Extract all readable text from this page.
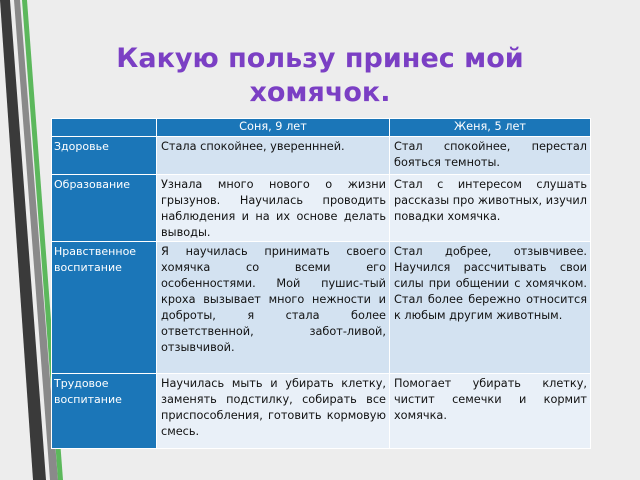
Какую пользу принес мой хомячок.
	Соня, 9 лет	Женя, 5 лет
Здоровье	Стала спокойнее, увереннней.	Стал спокойнее, перестал бояться темноты.
Образование	Узнала много нового о жизни грызунов. Научилась проводить наблюдения и на их основе делать выводы.	Стал с интересом слушать рассказы про животных, изучил повадки хомячка.
Нравственное воспитание	Я научилась принимать своего хомячка со всеми его особенностями. Мой пушис-тый кроха вызывает много нежности и доброты, я стала более ответственной, забот-ливой, отзывчивой.	Стал добрее, отзывчивее. Научился рассчитывать свои силы при общении с хомячком. Стал более бережно относится к любым другим животным.
Трудовое воспитание	Научилась мыть и убирать клетку, заменять подстилку, собирать все приспособления, готовить кормовую смесь.	Помогает убирать клетку, чистит семечки и кормит хомячка.
